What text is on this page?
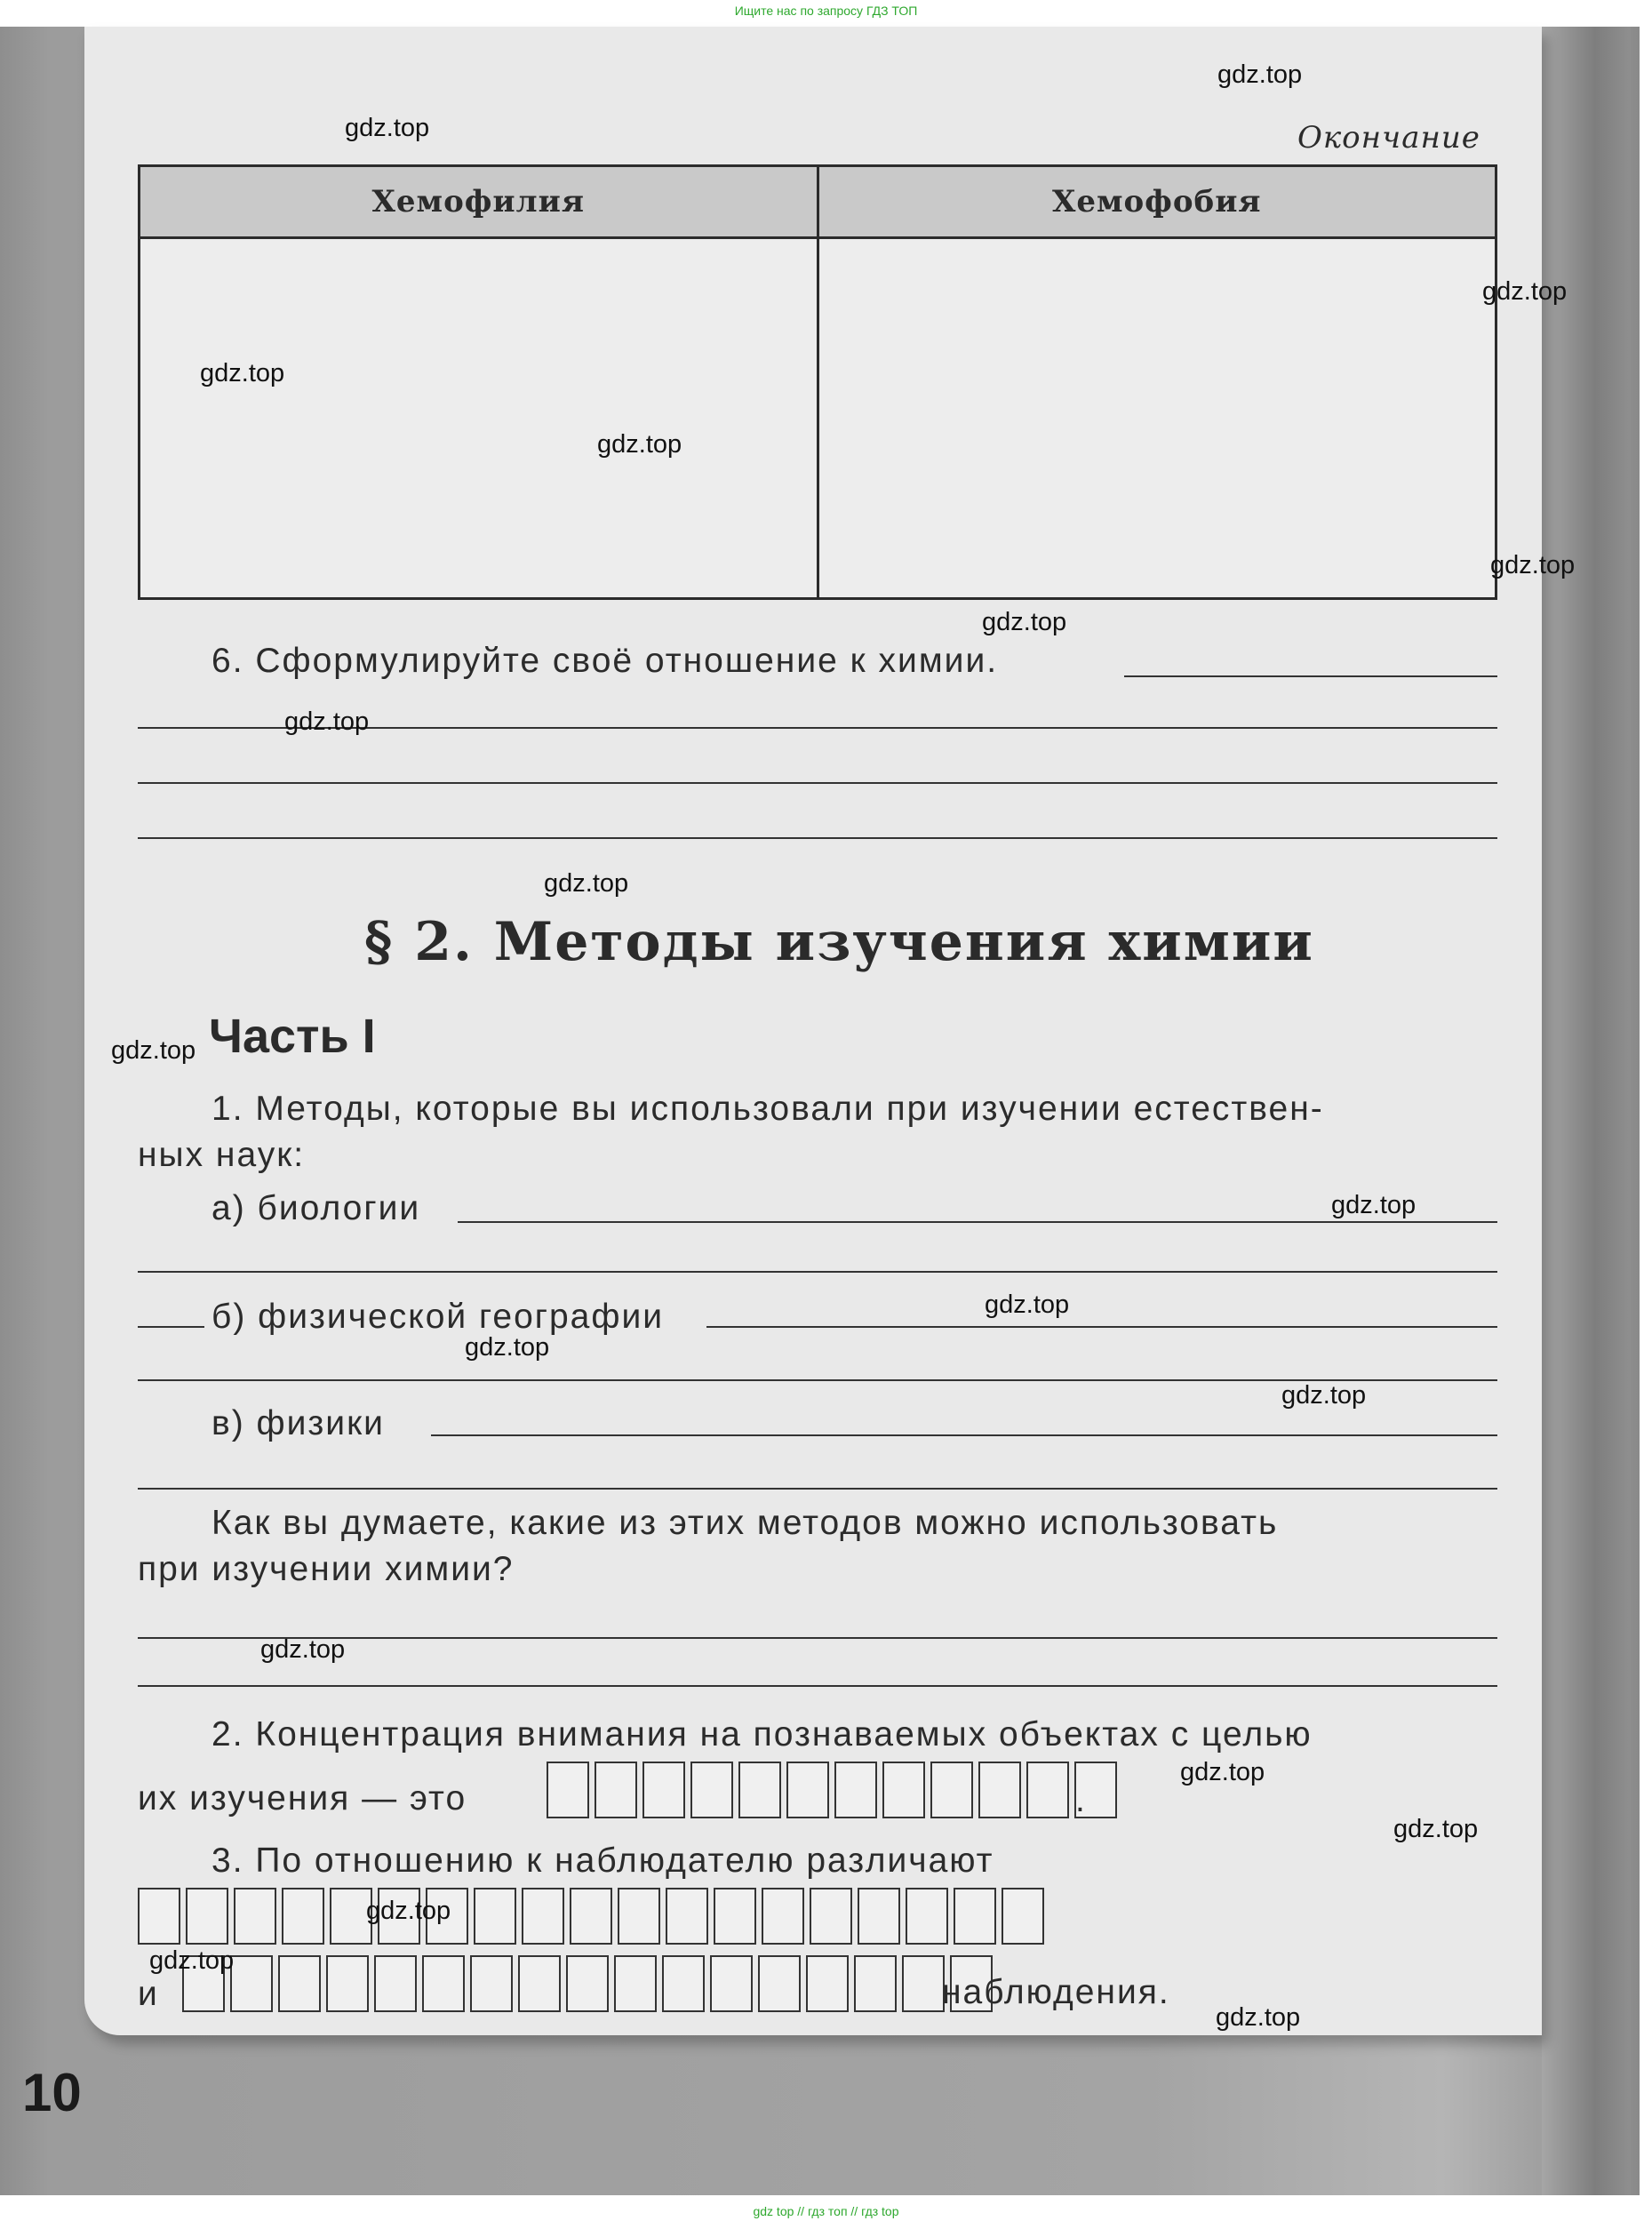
Ищите нас по запросу ГДЗ ТОП
Окончание
Хемофилия	Хемофобия

6. Сформулируйте своё отношение к химии.
§ 2. Методы изучения химии
Часть I
1. Методы, которые вы использовали при изучении естествен-
ных наук:
а) биологии
б) физической географии
в) физики
Как вы думаете, какие из этих методов можно использовать
при изучении химии?
2. Концентрация внимания на познаваемых объектах с целью
их изучения — это	.
3. По отношению к наблюдателю различают
и	наблюдения.
10
gdz.top
gdz.top
gdz.top
gdz.top
gdz.top
gdz.top
gdz.top
gdz.top
gdz.top
gdz.top
gdz.top
gdz.top
gdz.top
gdz.top
gdz.top
gdz.top
gdz.top
gdz.top
gdz.top
gdz.top
gdz top // гдз топ // гдз top
